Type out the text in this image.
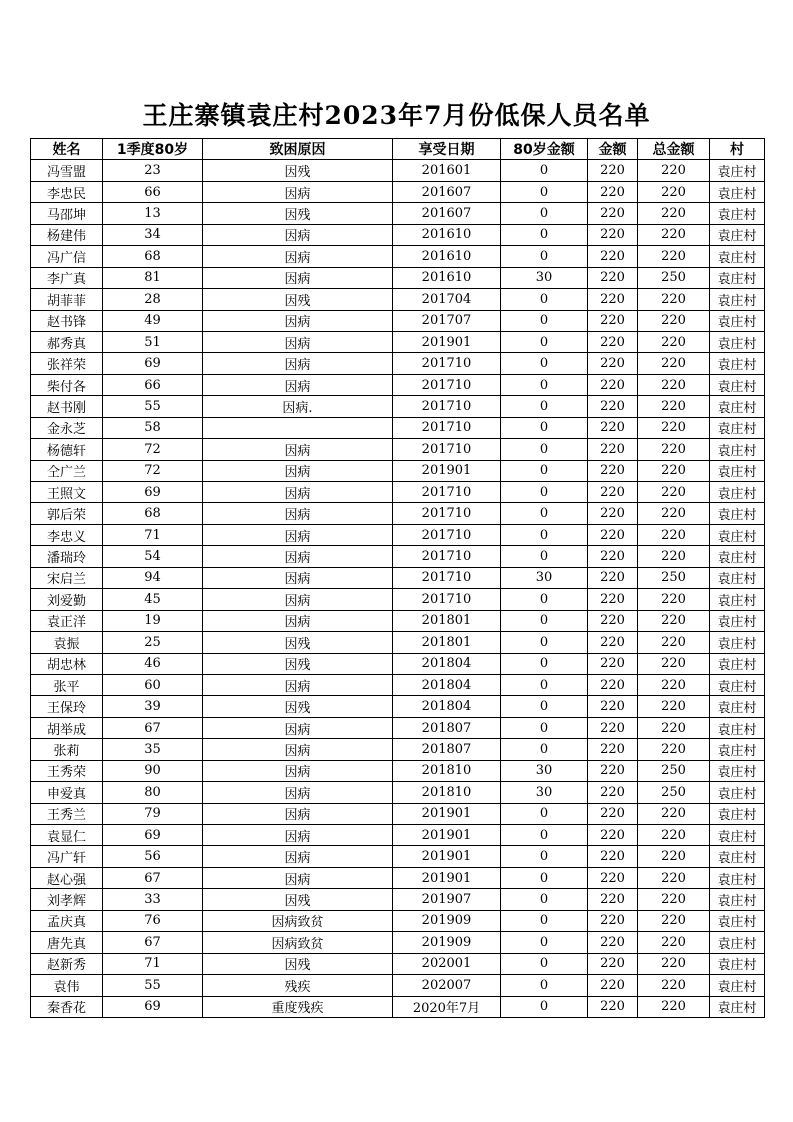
王庄寨镇袁庄村2023年7月份低保人员名单
姓名	1季度80岁	致困原因	享受日期	80岁金额	金额	总金额	村
冯雪盟	23	因残	201601	0	220	220	袁庄村
李忠民	66	因病	201607	0	220	220	袁庄村
马邵坤	13	因残	201607	0	220	220	袁庄村
杨建伟	34	因病	201610	0	220	220	袁庄村
冯广信	68	因病	201610	0	220	220	袁庄村
李广真	81	因病	201610	30	220	250	袁庄村
胡菲菲	28	因残	201704	0	220	220	袁庄村
赵书锋	49	因病	201707	0	220	220	袁庄村
郝秀真	51	因病	201901	0	220	220	袁庄村
张祥荣	69	因病	201710	0	220	220	袁庄村
柴付各	66	因病	201710	0	220	220	袁庄村
赵书刚	55	因病.	201710	0	220	220	袁庄村
金永芝	58		201710	0	220	220	袁庄村
杨德轩	72	因病	201710	0	220	220	袁庄村
仝广兰	72	因病	201901	0	220	220	袁庄村
王照文	69	因病	201710	0	220	220	袁庄村
郭后荣	68	因病	201710	0	220	220	袁庄村
李忠义	71	因病	201710	0	220	220	袁庄村
潘瑞玲	54	因病	201710	0	220	220	袁庄村
宋启兰	94	因病	201710	30	220	250	袁庄村
刘爱勤	45	因病	201710	0	220	220	袁庄村
袁正洋	19	因病	201801	0	220	220	袁庄村
袁振	25	因残	201801	0	220	220	袁庄村
胡忠林	46	因残	201804	0	220	220	袁庄村
张平	60	因病	201804	0	220	220	袁庄村
王保玲	39	因残	201804	0	220	220	袁庄村
胡举成	67	因病	201807	0	220	220	袁庄村
张莉	35	因病	201807	0	220	220	袁庄村
王秀荣	90	因病	201810	30	220	250	袁庄村
申爱真	80	因病	201810	30	220	250	袁庄村
王秀兰	79	因病	201901	0	220	220	袁庄村
袁显仁	69	因病	201901	0	220	220	袁庄村
冯广轩	56	因病	201901	0	220	220	袁庄村
赵心强	67	因病	201901	0	220	220	袁庄村
刘孝辉	33	因残	201907	0	220	220	袁庄村
孟庆真	76	因病致贫	201909	0	220	220	袁庄村
唐先真	67	因病致贫	201909	0	220	220	袁庄村
赵新秀	71	因残	202001	0	220	220	袁庄村
袁伟	55	残疾	202007	0	220	220	袁庄村
秦香花	69	重度残疾	2020年7月	0	220	220	袁庄村
